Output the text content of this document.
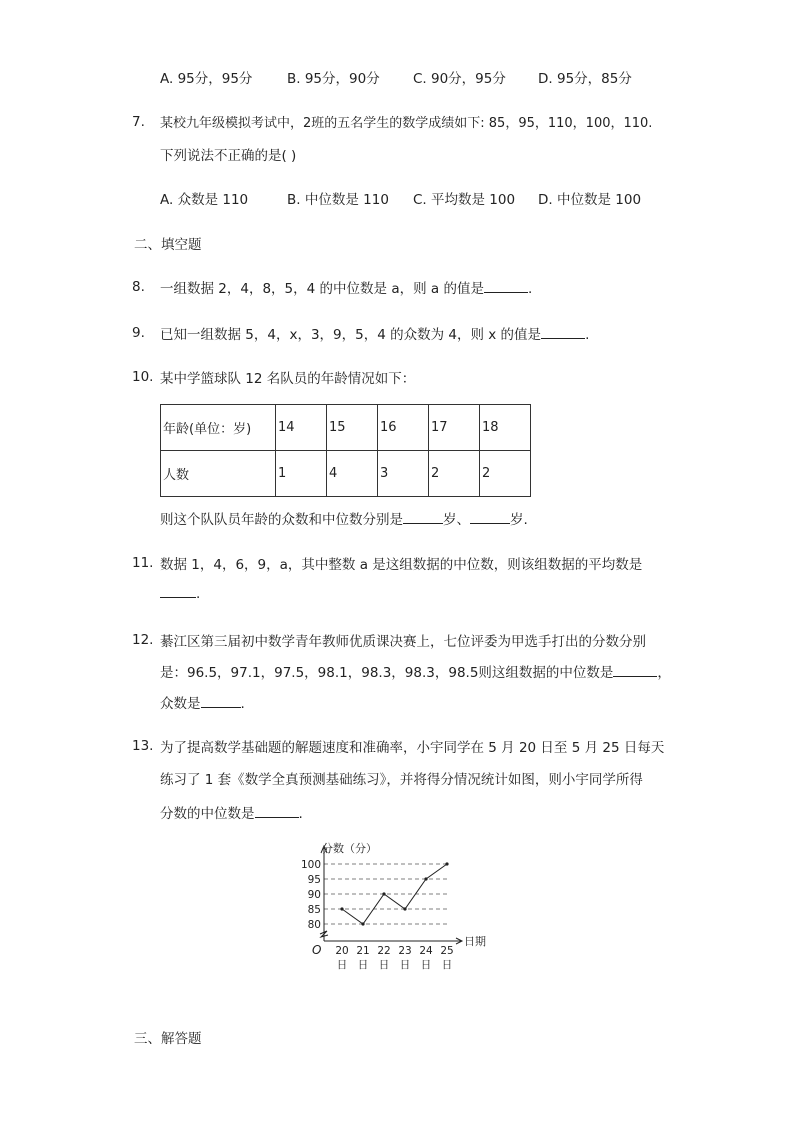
A. 95分，95分	B. 95分，90分 C. 90分，95分 D. 95分，85分
7. 某校九年级模拟考试中，2班的五名学生的数学成绩如下: 85，95，110，100，110.
下列说法不正确的是( )
A. 众数是 110	B. 中位数是 110 C. 平均数是 100 D. 中位数是 100
二、填空题
8. 一组数据 2，4，8，5，4 的中位数是 a，则 a 的值是	.
9. 已知一组数据 5，4，x，3，9，5，4 的众数为 4，则 x 的值是	.
10. 某中学篮球队 12 名队员的年龄情况如下：
年龄(单位：岁)	14	15	16	17	18
人数	1	4	3	2	2
则这个队队员年龄的众数和中位数分别是	岁、	岁.
11. 数据 1，4，6，9，a，其中整数 a 是这组数据的中位数，则该组数据的平均数是
.
12. 綦江区第三届初中数学青年教师优质课决赛上，七位评委为甲选手打出的分数分别
是：96.5，97.1，97.5，98.1，98.3，98.3，98.5则这组数据的中位数是	，
众数是	.
13. 为了提高数学基础题的解题速度和准确率，小宇同学在 5 月 20 日至 5 月 25 日每天
练习了 1 套《数学全真预测基础练习》，并将得分情况统计如图，则小宇同学所得
分数的中位数是	.
80
85
90
95
100
20
日
21
日
22
日
23
日
24
日
25
日
分数（分）
日期
O
三、解答题
